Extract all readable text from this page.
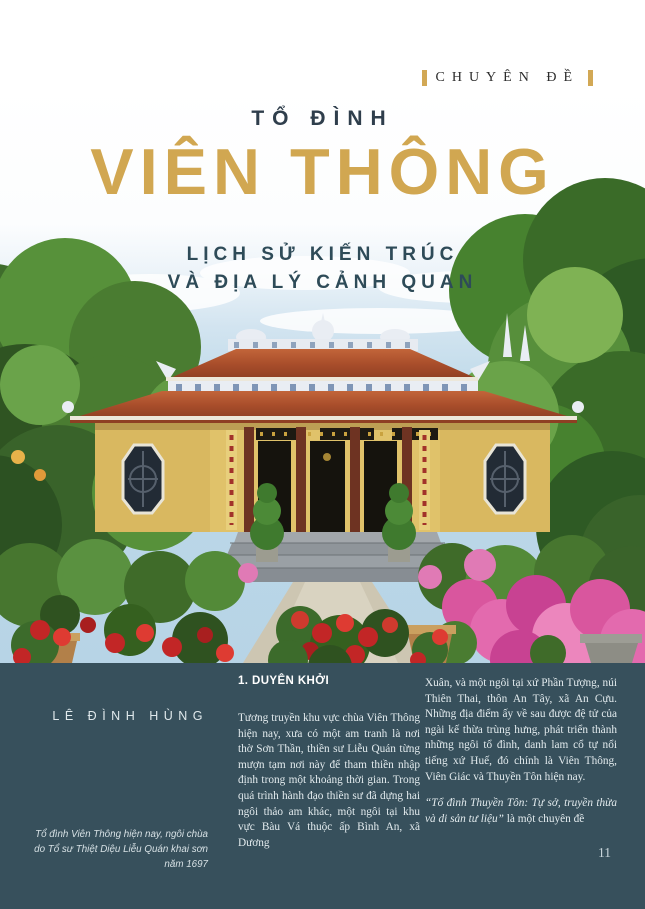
CHUYÊN ĐỀ
TỔ ĐÌNH
VIÊN THÔNG
LỊCH SỬ KIẾN TRÚC
VÀ ĐỊA LÝ CẢNH QUAN
1. DUYÊN KHỞI
LÊ ĐÌNH HÙNG

Tổ đình Viên Thông hiện nay, ngôi chùa do Tổ sư Thiệt Diệu Liễu Quán khai sơn năm 1697

Tương truyền khu vực chùa Viên Thông hiện nay, xưa có một am tranh là nơi thờ Sơn Thần, thiền sư Liễu Quán từng mượn tạm nơi này để tham thiền nhập định trong một khoảng thời gian. Trong quá trình hành đạo thiền sư đã dựng hai ngôi thảo am khác, một ngôi tại khu vực Bàu Vá thuộc ấp Bình An, xã Dương

Xuân, và một ngôi tại xứ Phần Tượng, núi Thiên Thai, thôn An Tây, xã An Cựu. Những địa điểm ấy về sau được đệ tử của ngài kế thừa trùng hưng, phát triển thành những ngôi tổ đình, danh lam cổ tự nổi tiếng xứ Huế, đó chính là Viên Thông, Viên Giác và Thuyền Tôn hiện nay.

“Tổ đình Thuyền Tôn: Tự sở, truyền thừa và di sản tư liệu” là một chuyên đề

11
